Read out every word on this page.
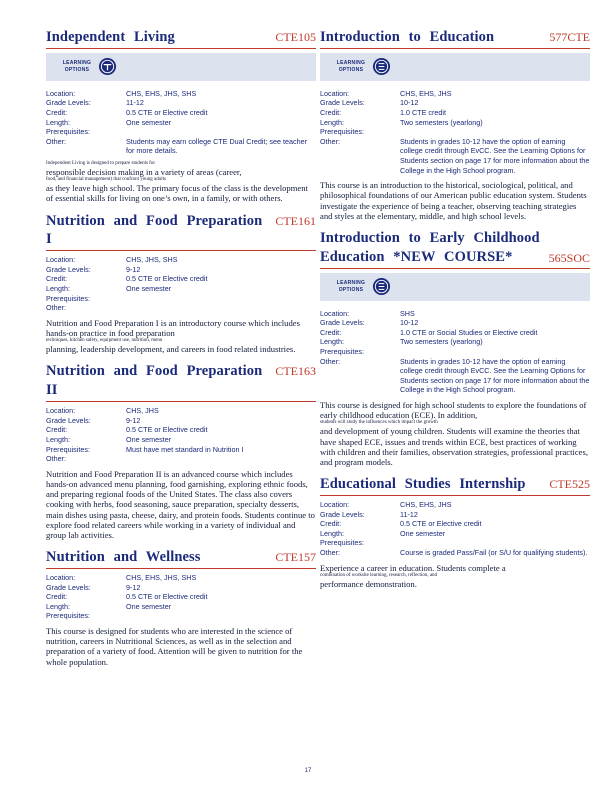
Independent Living	CTE105
LEARNING OPTIONS
Location:	CHS, EHS, JHS, SHS
Grade Levels:	11-12
Credit:	0.5 CTE or Elective credit
Length:	One semester
Prerequisites:
Other:	Students may earn college CTE Dual Credit; see teacher for more details.
Independent Living is designed to prepare students for
responsible decision making in a variety of areas (career,
food, and financial management) that confront young adults
as they leave high school. The primary focus of the class is the development of essential skills for living on one’s own, in a family, or with others.
Nutrition and Food Preparation I
CTE161
Location:	CHS, JHS, SHS
Grade Levels:	9-12
Credit:	0.5 CTE or Elective credit
Length:	One semester
Prerequisites:
Other:
Nutrition and Food Preparation I is an introductory course which includes hands-on practice in food preparation
techniques, kitchen safety, equipment use, nutrition, menu
planning, leadership development, and careers in food related industries.
Nutrition and Food Preparation II
CTE163
Location:	CHS, JHS
Grade Levels:	9-12
Credit:	0.5 CTE or Elective credit
Length:	One semester
Prerequisites:	Must have met standard in Nutrition I
Other:
Nutrition and Food Preparation II is an advanced course which includes hands-on advanced menu planning, food garnishing, exploring ethnic foods, and preparing regional foods of the United States. The class also covers cooking with herbs, food seasoning, sauce preparation, specialty desserts, main dishes using pasta, cheese, dairy, and protein foods. Students continue to explore food related careers while working in a variety of individual and group lab activities.
Nutrition and Wellness	CTE157
Location:	CHS, EHS, JHS, SHS
Grade Levels:	9-12
Credit:	0.5 CTE or Elective credit
Length:	One semester
Prerequisites:
This course is designed for students who are interested in the science of nutrition, careers in Nutritional Sciences, as well as in the selection and preparation of a variety of food. Attention will be given to nutrition for the whole population.
Introduction to Education	577CTE
LEARNING OPTIONS
Location:	CHS, EHS, JHS
Grade Levels:	10-12
Credit:	1.0 CTE credit
Length:	Two semesters (yearlong)
Prerequisites:
Other:	Students in grades 10-12 have the option of earning college credit through EvCC. See the Learning Options for Students section on page 17 for more information about the College in the High School program.
This course is an introduction to the historical, sociological, political, and philosophical foundations of our American public education system. Students investigate the experience of being a teacher, observing teaching strategies and styles at the elementary, middle, and high school levels.
Introduction to Early Childhood Education *NEW COURSE*	565SOC
LEARNING OPTIONS
Location:	SHS
Grade Levels:	10-12
Credit:	1.0 CTE or Social Studies or Elective credit
Length:	Two semesters (yearlong)
Prerequisites:
Other:	Students in grades 10-12 have the option of earning college credit through EvCC. See the Learning Options for Students section on page 17 for more information about the College in the High School program.
This course is designed for high school students to explore the foundations of early childhood education (ECE). In addition,
students will study the influences which impact the growth
and development of young children. Students will examine the theories that have shaped ECE, issues and trends within ECE, best practices of working with children and their families, observation strategies, professional practices, and program models.
Educational Studies Internship CTE525
Location:	CHS, EHS, JHS
Grade Levels:	11-12
Credit:	0.5 CTE or Elective credit
Length:	One semester
Prerequisites:
Other:	Course is graded Pass/Fail (or S/U for qualifying students).
Experience a career in education. Students complete a
combination of worksite learning, research, reflection, and
performance demonstration.
17
